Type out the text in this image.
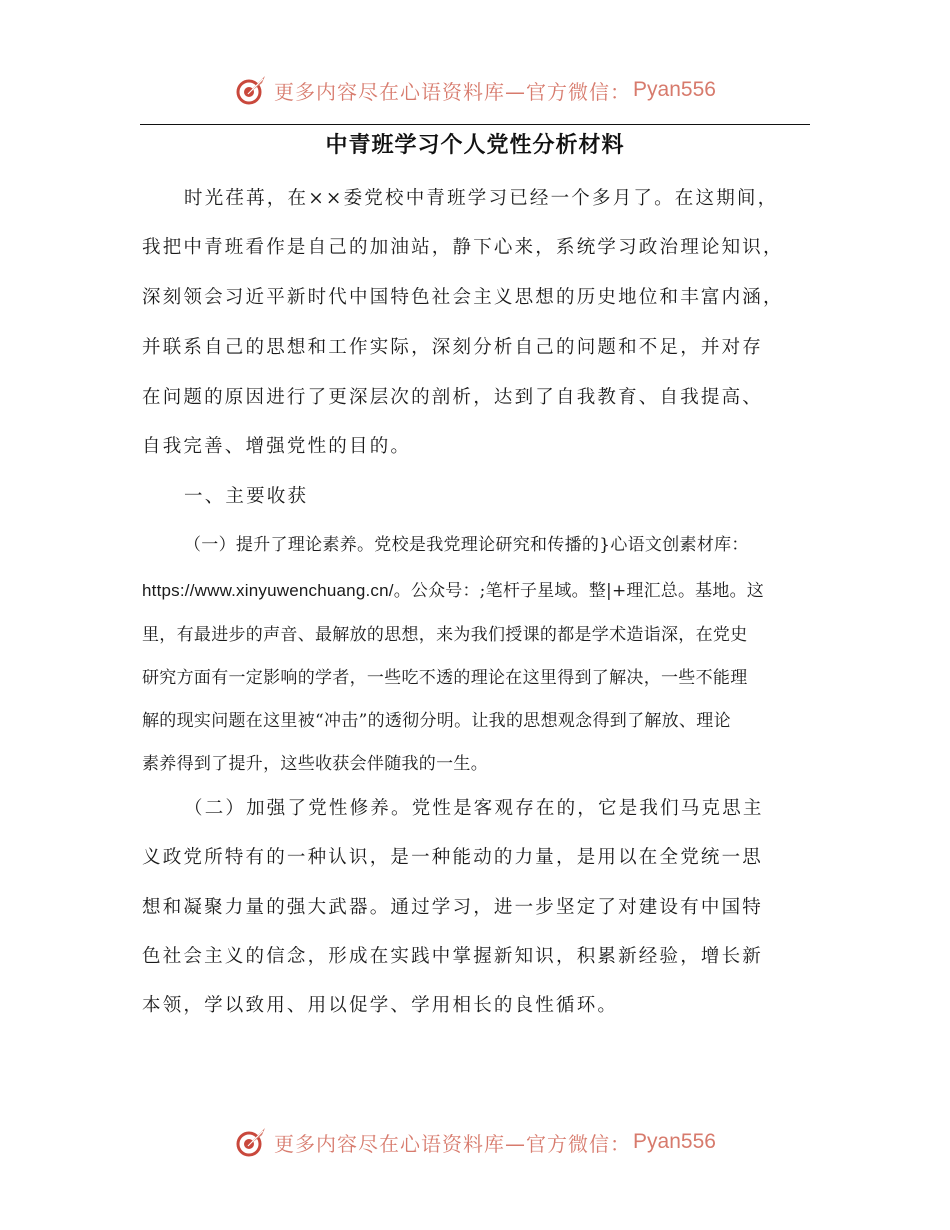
更多内容尽在心语资料库—官方微信： Pyan556
中青班学习个人党性分析材料
时光荏苒，在××委党校中青班学习已经一个多月了。在这期间，
我把中青班看作是自己的加油站，静下心来，系统学习政治理论知识，
深刻领会习近平新时代中国特色社会主义思想的历史地位和丰富内涵，
并联系自己的思想和工作实际，深刻分析自己的问题和不足，并对存
在问题的原因进行了更深层次的剖析，达到了自我教育、自我提高、
自我完善、增强党性的目的。
一、主要收获
（一）提升了理论素养。党校是我党理论研究和传播的}心语文创素材库：
https://www.xinyuwenchuang.cn/。公众号：;笔杆子星域。整|+理汇总。基地。这
里，有最进步的声音、最解放的思想，来为我们授课的都是学术造诣深，在党史
研究方面有一定影响的学者，一些吃不透的理论在这里得到了解决，一些不能理
解的现实问题在这里被“冲击”的透彻分明。让我的思想观念得到了解放、理论
素养得到了提升，这些收获会伴随我的一生。
（二）加强了党性修养。党性是客观存在的，它是我们马克思主
义政党所特有的一种认识，是一种能动的力量，是用以在全党统一思
想和凝聚力量的强大武器。通过学习，进一步坚定了对建设有中国特
色社会主义的信念，形成在实践中掌握新知识，积累新经验，增长新
本领，学以致用、用以促学、学用相长的良性循环。
更多内容尽在心语资料库—官方微信： Pyan556
